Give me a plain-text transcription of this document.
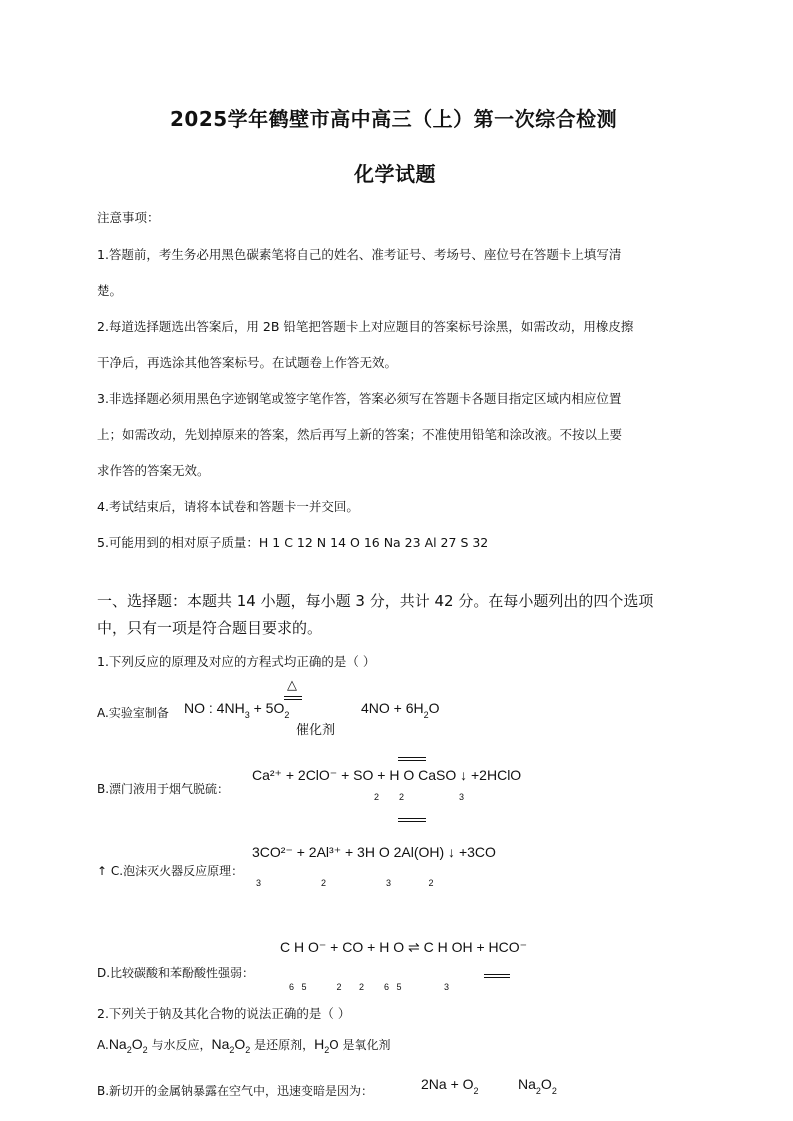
2025学年鹤壁市高中高三（上）第一次综合检测
化学试题
注意事项：
1.答题前，考生务必用黑色碳素笔将自己的姓名、准考证号、考场号、座位号在答题卡上填写清
楚。
2.每道选择题选出答案后，用 2B 铅笔把答题卡上对应题目的答案标号涂黑，如需改动，用橡皮擦
干净后，再选涂其他答案标号。在试题卷上作答无效。
3.非选择题必须用黑色字迹钢笔或签字笔作答，答案必须写在答题卡各题目指定区域内相应位置
上；如需改动，先划掉原来的答案，然后再写上新的答案；不准使用铅笔和涂改液。不按以上要
求作答的答案无效。
4.考试结束后，请将本试卷和答题卡一并交回。
5.可能用到的相对原子质量：H 1 C 12 N 14 O 16 Na 23 Al 27 S 32
一、选择题：本题共 14 小题，每小题 3 分，共计 42 分。在每小题列出的四个选项
中，只有一项是符合题目要求的。
1.下列反应的原理及对应的方程式均正确的是（ ）
A.实验室制备 NO : $4NH_3 + 5O_2$
△
$4NO + 6H_2O$
催化剂
B.漂门液用于烟气脱硫：
Ca²⁺ + 2ClO⁻ + SO + H O CaSO ↓ +2HClO
2        2                      3
3CO²⁻ + 2Al³⁺ + 3H O 2Al(OH) ↓ +3CO
↑ C.泡沫灭火器反应原理：
3                        2                        3               2
C H O⁻ + CO + H O ⇌ C H OH + HCO⁻
D.比较碳酸和苯酚酸性强弱：
6   5            2       2        6   5                 3
2.下列关于钠及其化合物的说法正确的是（ ）
$A.Na_2O_2$ 与水反应，$Na_2O_2$ 是还原剂，$H_2O$ 是氧化剂
B.新切开的金属钠暴露在空气中，迅速变暗是因为：	$2Na + O_2$	$Na_2O_2$
